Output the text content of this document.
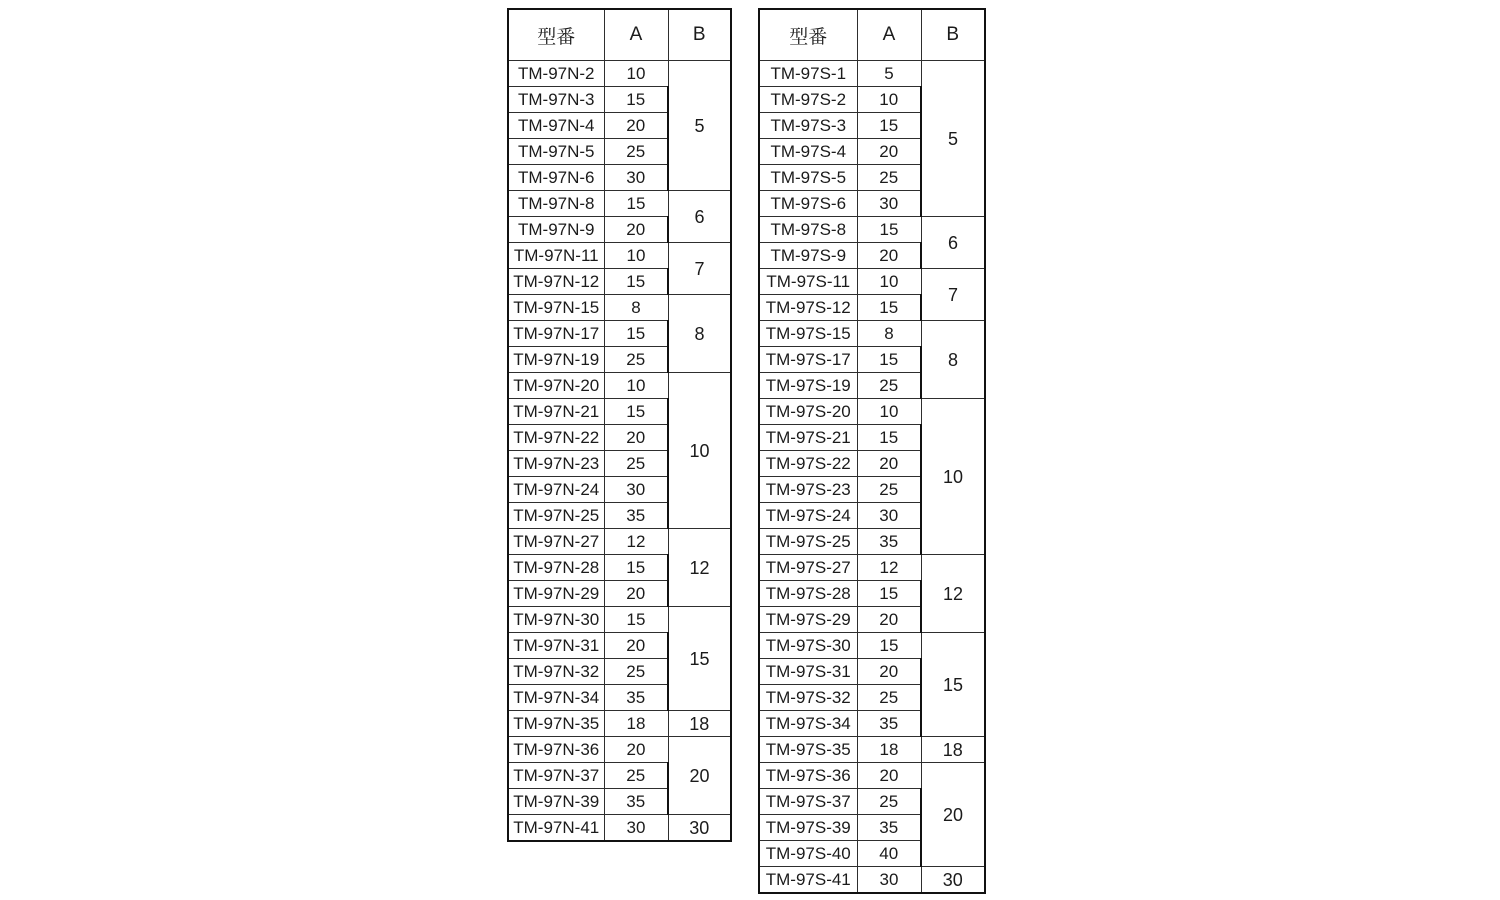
型番	A	B
TM-97N-2	10	5
TM-97N-3	15	
TM-97N-4	20	
TM-97N-5	25	
TM-97N-6	30	
TM-97N-8	15	6
TM-97N-9	20	
TM-97N-11	10	7
TM-97N-12	15	
TM-97N-15	8	8
TM-97N-17	15	
TM-97N-19	25	
TM-97N-20	10	10
TM-97N-21	15	
TM-97N-22	20	
TM-97N-23	25	
TM-97N-24	30	
TM-97N-25	35	
TM-97N-27	12	12
TM-97N-28	15	
TM-97N-29	20	
TM-97N-30	15	15
TM-97N-31	20	
TM-97N-32	25	
TM-97N-34	35	
TM-97N-35	18	18
TM-97N-36	20	20
TM-97N-37	25	
TM-97N-39	35	
TM-97N-41	30	30
型番	A	B
TM-97S-1	5	5
TM-97S-2	10	
TM-97S-3	15	
TM-97S-4	20	
TM-97S-5	25	
TM-97S-6	30	
TM-97S-8	15	6
TM-97S-9	20	
TM-97S-11	10	7
TM-97S-12	15	
TM-97S-15	8	8
TM-97S-17	15	
TM-97S-19	25	
TM-97S-20	10	10
TM-97S-21	15	
TM-97S-22	20	
TM-97S-23	25	
TM-97S-24	30	
TM-97S-25	35	
TM-97S-27	12	12
TM-97S-28	15	
TM-97S-29	20	
TM-97S-30	15	15
TM-97S-31	20	
TM-97S-32	25	
TM-97S-34	35	
TM-97S-35	18	18
TM-97S-36	20	20
TM-97S-37	25	
TM-97S-39	35	
TM-97S-40	40	
TM-97S-41	30	30
